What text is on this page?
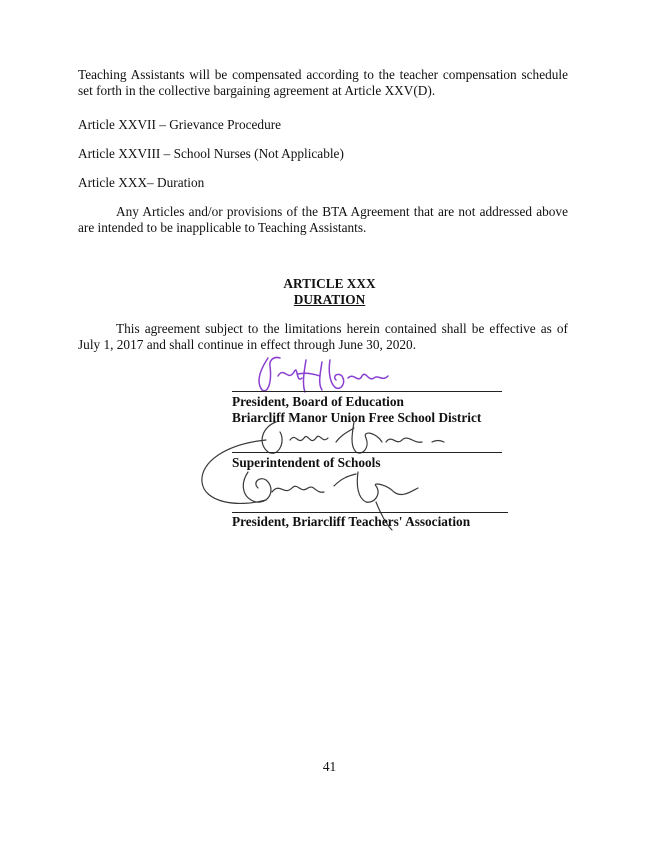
Teaching Assistants will be compensated according to the teacher compensation schedule set forth in the collective bargaining agreement at Article XXV(D).

Article XXVII – Grievance Procedure

Article XXVIII – School Nurses (Not Applicable)

Article XXX– Duration

Any Articles and/or provisions of the BTA Agreement that are not addressed above are intended to be inapplicable to Teaching Assistants.

ARTICLE XXX

DURATION

This agreement subject to the limitations herein contained shall be effective as of July 1, 2017 and shall continue in effect through June 30, 2020.

President, Board of Education

Briarcliff Manor Union Free School District

Superintendent of Schools

President, Briarcliff Teachers' Association

41
